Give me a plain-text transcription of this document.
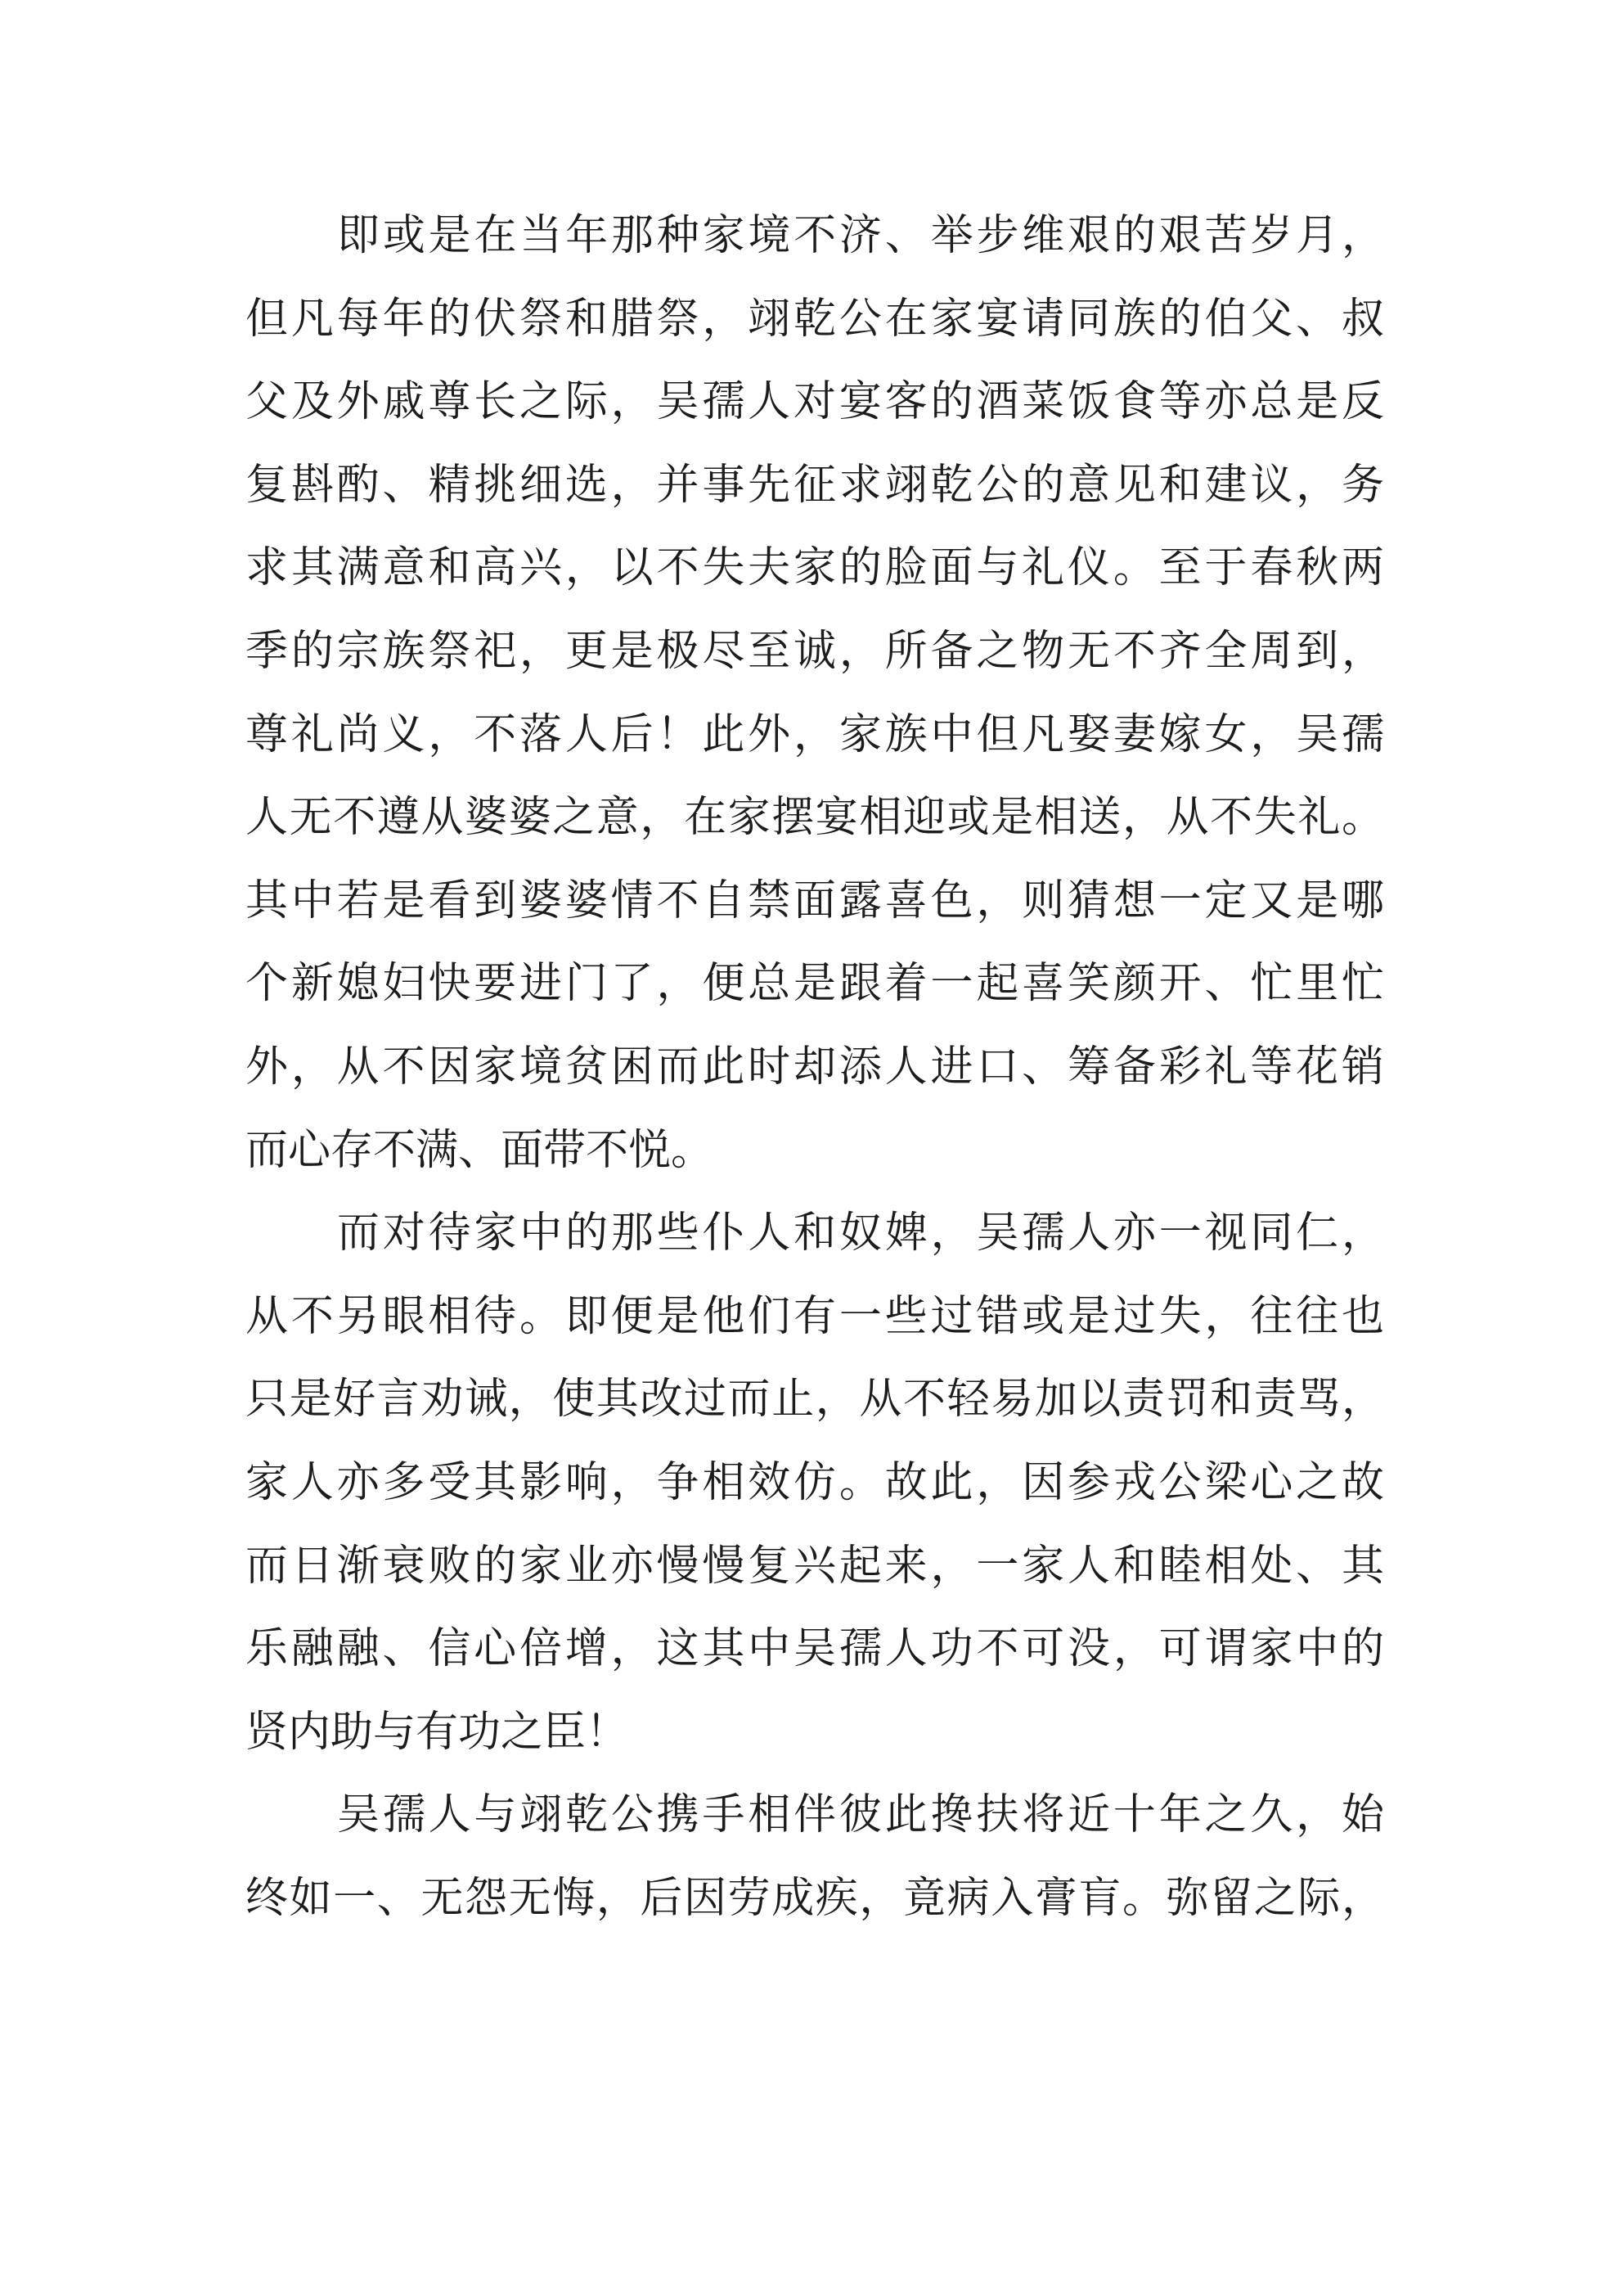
即或是在当年那种家境不济、举步维艰的艰苦岁月，
但凡每年的伏祭和腊祭，翊乾公在家宴请同族的伯父、叔
父及外戚尊长之际，吴孺人对宴客的酒菜饭食等亦总是反
复斟酌、精挑细选，并事先征求翊乾公的意见和建议，务
求其满意和高兴，以不失夫家的脸面与礼仪。至于春秋两
季的宗族祭祀，更是极尽至诚，所备之物无不齐全周到，
尊礼尚义，不落人后！此外，家族中但凡娶妻嫁女，吴孺
人无不遵从婆婆之意，在家摆宴相迎或是相送，从不失礼。
其中若是看到婆婆情不自禁面露喜色，则猜想一定又是哪
个新媳妇快要进门了，便总是跟着一起喜笑颜开、忙里忙
外，从不因家境贫困而此时却添人进口、筹备彩礼等花销
而心存不满、面带不悦。
而对待家中的那些仆人和奴婢，吴孺人亦一视同仁，
从不另眼相待。即便是他们有一些过错或是过失，往往也
只是好言劝诫，使其改过而止，从不轻易加以责罚和责骂，
家人亦多受其影响，争相效仿。故此，因参戎公梁心之故
而日渐衰败的家业亦慢慢复兴起来，一家人和睦相处、其
乐融融、信心倍增，这其中吴孺人功不可没，可谓家中的
贤内助与有功之臣！
吴孺人与翊乾公携手相伴彼此搀扶将近十年之久，始
终如一、无怨无悔，后因劳成疾，竟病入膏肓。弥留之际，
